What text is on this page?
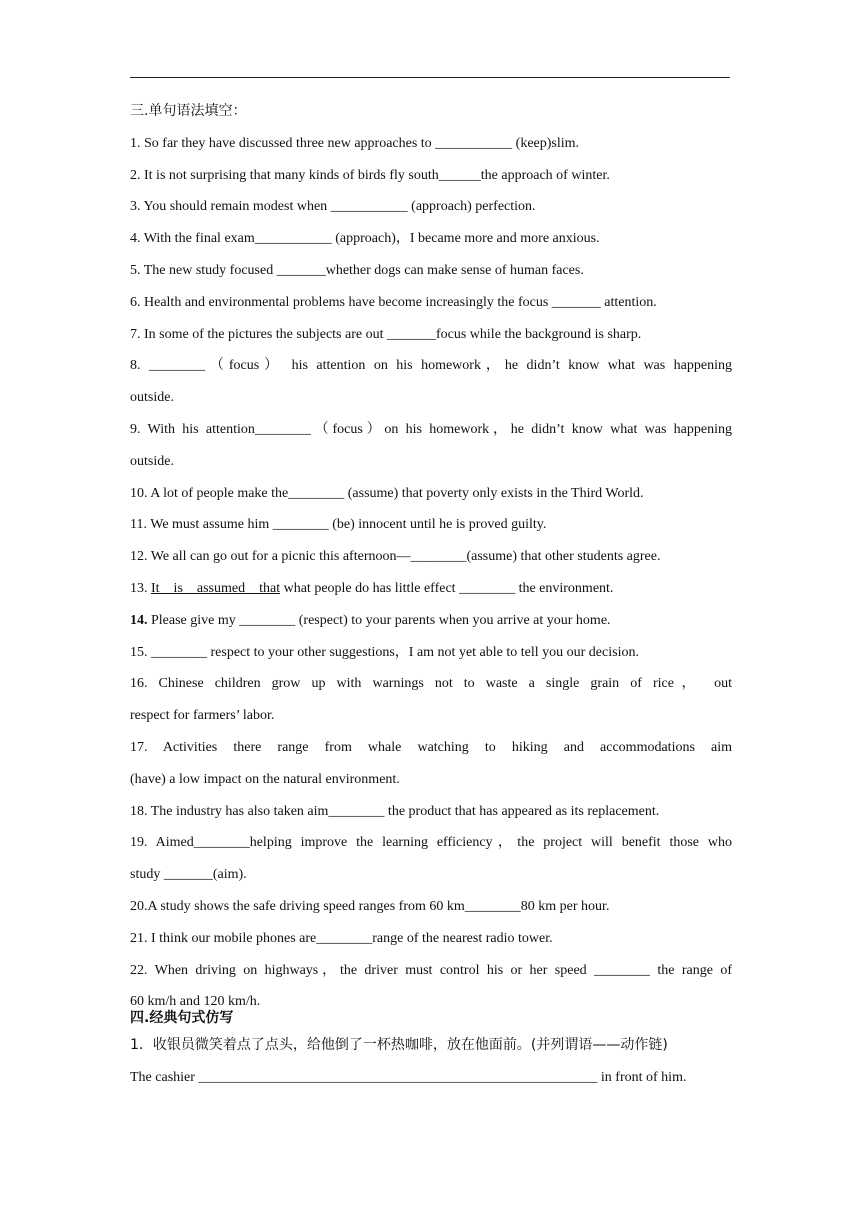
三.单句语法填空：
1. So far they have discussed three new approaches to ___________ (keep)slim.
2. It is not surprising that many kinds of birds fly south______the approach of winter.
3. You should remain modest when ___________ (approach) perfection.
4. With the final exam___________ (approach)，I became more and more anxious.
5. The new study focused _______whether dogs can make sense of human faces.
6. Health and environmental problems have become increasingly the focus _______ attention.
7. In some of the pictures the subjects are out _______focus while the background is sharp.
8. ________（focus） his attention on his homework，he didn’t know what was happening
outside.
9. With his attention________（focus）on his homework，he didn’t know what was happening
outside.
10. A lot of people make the________ (assume) that poverty only exists in the Third World.
11. We must assume him ________ (be) innocent until he is proved guilty.
12. We all can go out for a picnic this afternoon—________(assume) that other students agree.
13. It    is    assumed    that what people do has little effect ________ the environment.
14. Please give my ________ (respect) to your parents when you arrive at your home.
15. ________ respect to your other suggestions，I am not yet able to tell you our decision.
16. Chinese children grow up with warnings not to waste a single grain of rice， out
respect for farmers’ labor.
17. Activities there range from whale watching to hiking and accommodations aim
(have) a low impact on the natural environment.
18. The industry has also taken aim________ the product that has appeared as its replacement.
19. Aimed________helping improve the learning efficiency，the project will benefit those who
study _______(aim).
20.A study shows the safe driving speed ranges from 60 km________80 km per hour.
21. I think our mobile phones are________range of the nearest radio tower.
22. When driving on highways，the driver must control his or her speed ________ the range of
60 km/h and 120 km/h.
四.经典句式仿写
1．收银员微笑着点了点头，给他倒了一杯热咖啡，放在他面前。(并列谓语——动作链)
The cashier _________________________________________________________ in front of him.
